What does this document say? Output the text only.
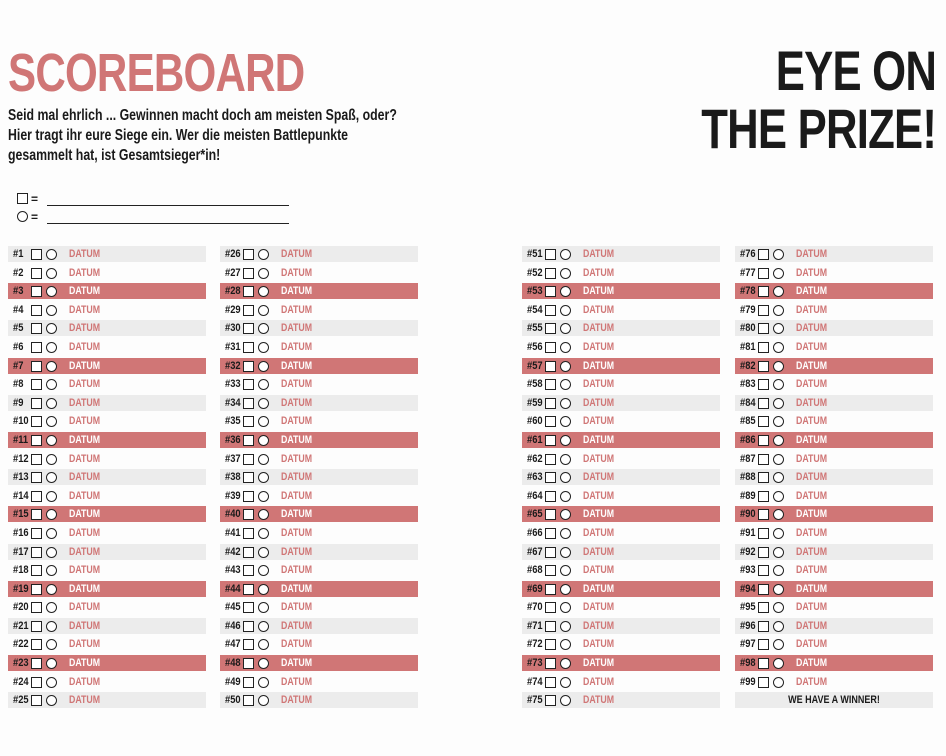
SCOREBOARD
Seid mal ehrlich ... Gewinnen macht doch am meisten Spaß, oder? Hier tragt ihr eure Siege ein. Wer die meisten Battlepunkte gesammelt hat, ist Gesamtsieger*in!
EYE ON
THE PRIZE!
=
=
#1	DATUM
#2	DATUM
#3	DATUM
#4	DATUM
#5	DATUM
#6	DATUM
#7	DATUM
#8	DATUM
#9	DATUM
#10	DATUM
#11	DATUM
#12	DATUM
#13	DATUM
#14	DATUM
#15	DATUM
#16	DATUM
#17	DATUM
#18	DATUM
#19	DATUM
#20	DATUM
#21	DATUM
#22	DATUM
#23	DATUM
#24	DATUM
#25	DATUM
#26	DATUM
#27	DATUM
#28	DATUM
#29	DATUM
#30	DATUM
#31	DATUM
#32	DATUM
#33	DATUM
#34	DATUM
#35	DATUM
#36	DATUM
#37	DATUM
#38	DATUM
#39	DATUM
#40	DATUM
#41	DATUM
#42	DATUM
#43	DATUM
#44	DATUM
#45	DATUM
#46	DATUM
#47	DATUM
#48	DATUM
#49	DATUM
#50	DATUM
#51	DATUM
#52	DATUM
#53	DATUM
#54	DATUM
#55	DATUM
#56	DATUM
#57	DATUM
#58	DATUM
#59	DATUM
#60	DATUM
#61	DATUM
#62	DATUM
#63	DATUM
#64	DATUM
#65	DATUM
#66	DATUM
#67	DATUM
#68	DATUM
#69	DATUM
#70	DATUM
#71	DATUM
#72	DATUM
#73	DATUM
#74	DATUM
#75	DATUM
#76	DATUM
#77	DATUM
#78	DATUM
#79	DATUM
#80	DATUM
#81	DATUM
#82	DATUM
#83	DATUM
#84	DATUM
#85	DATUM
#86	DATUM
#87	DATUM
#88	DATUM
#89	DATUM
#90	DATUM
#91	DATUM
#92	DATUM
#93	DATUM
#94	DATUM
#95	DATUM
#96	DATUM
#97	DATUM
#98	DATUM
#99	DATUM
WE HAVE A WINNER!
